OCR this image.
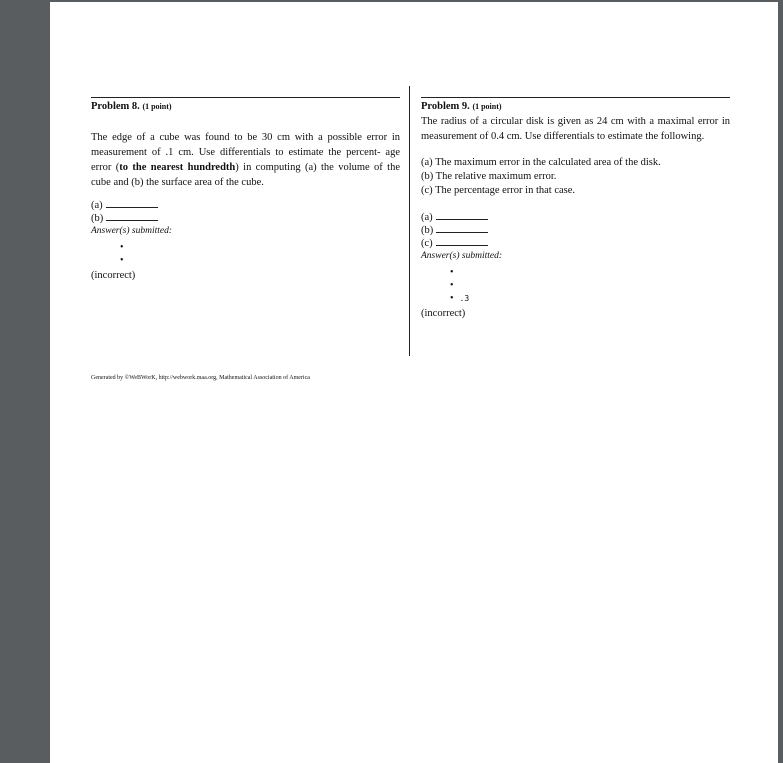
Problem 8. (1 point)
The edge of a cube was found to be 30 cm with a possible error in measurement of .1 cm. Use differentials to estimate the percent- age error (to the nearest hundredth) in computing (a) the volume of the cube and (b) the surface area of the cube.
(a)
(b)
Answer(s) submitted:
•
•
(incorrect)
Problem 9. (1 point)
The radius of a circular disk is given as 24 cm with a maximal error in measurement of 0.4 cm. Use differentials to estimate the following.
(a) The maximum error in the calculated area of the disk.
(b) The relative maximum error.
(c) The percentage error in that case.
(a)
(b)
(c)
Answer(s) submitted:
•
•
• .3
(incorrect)
Generated by ©WeBWorK, http://webwork.maa.org, Mathematical Association of America
